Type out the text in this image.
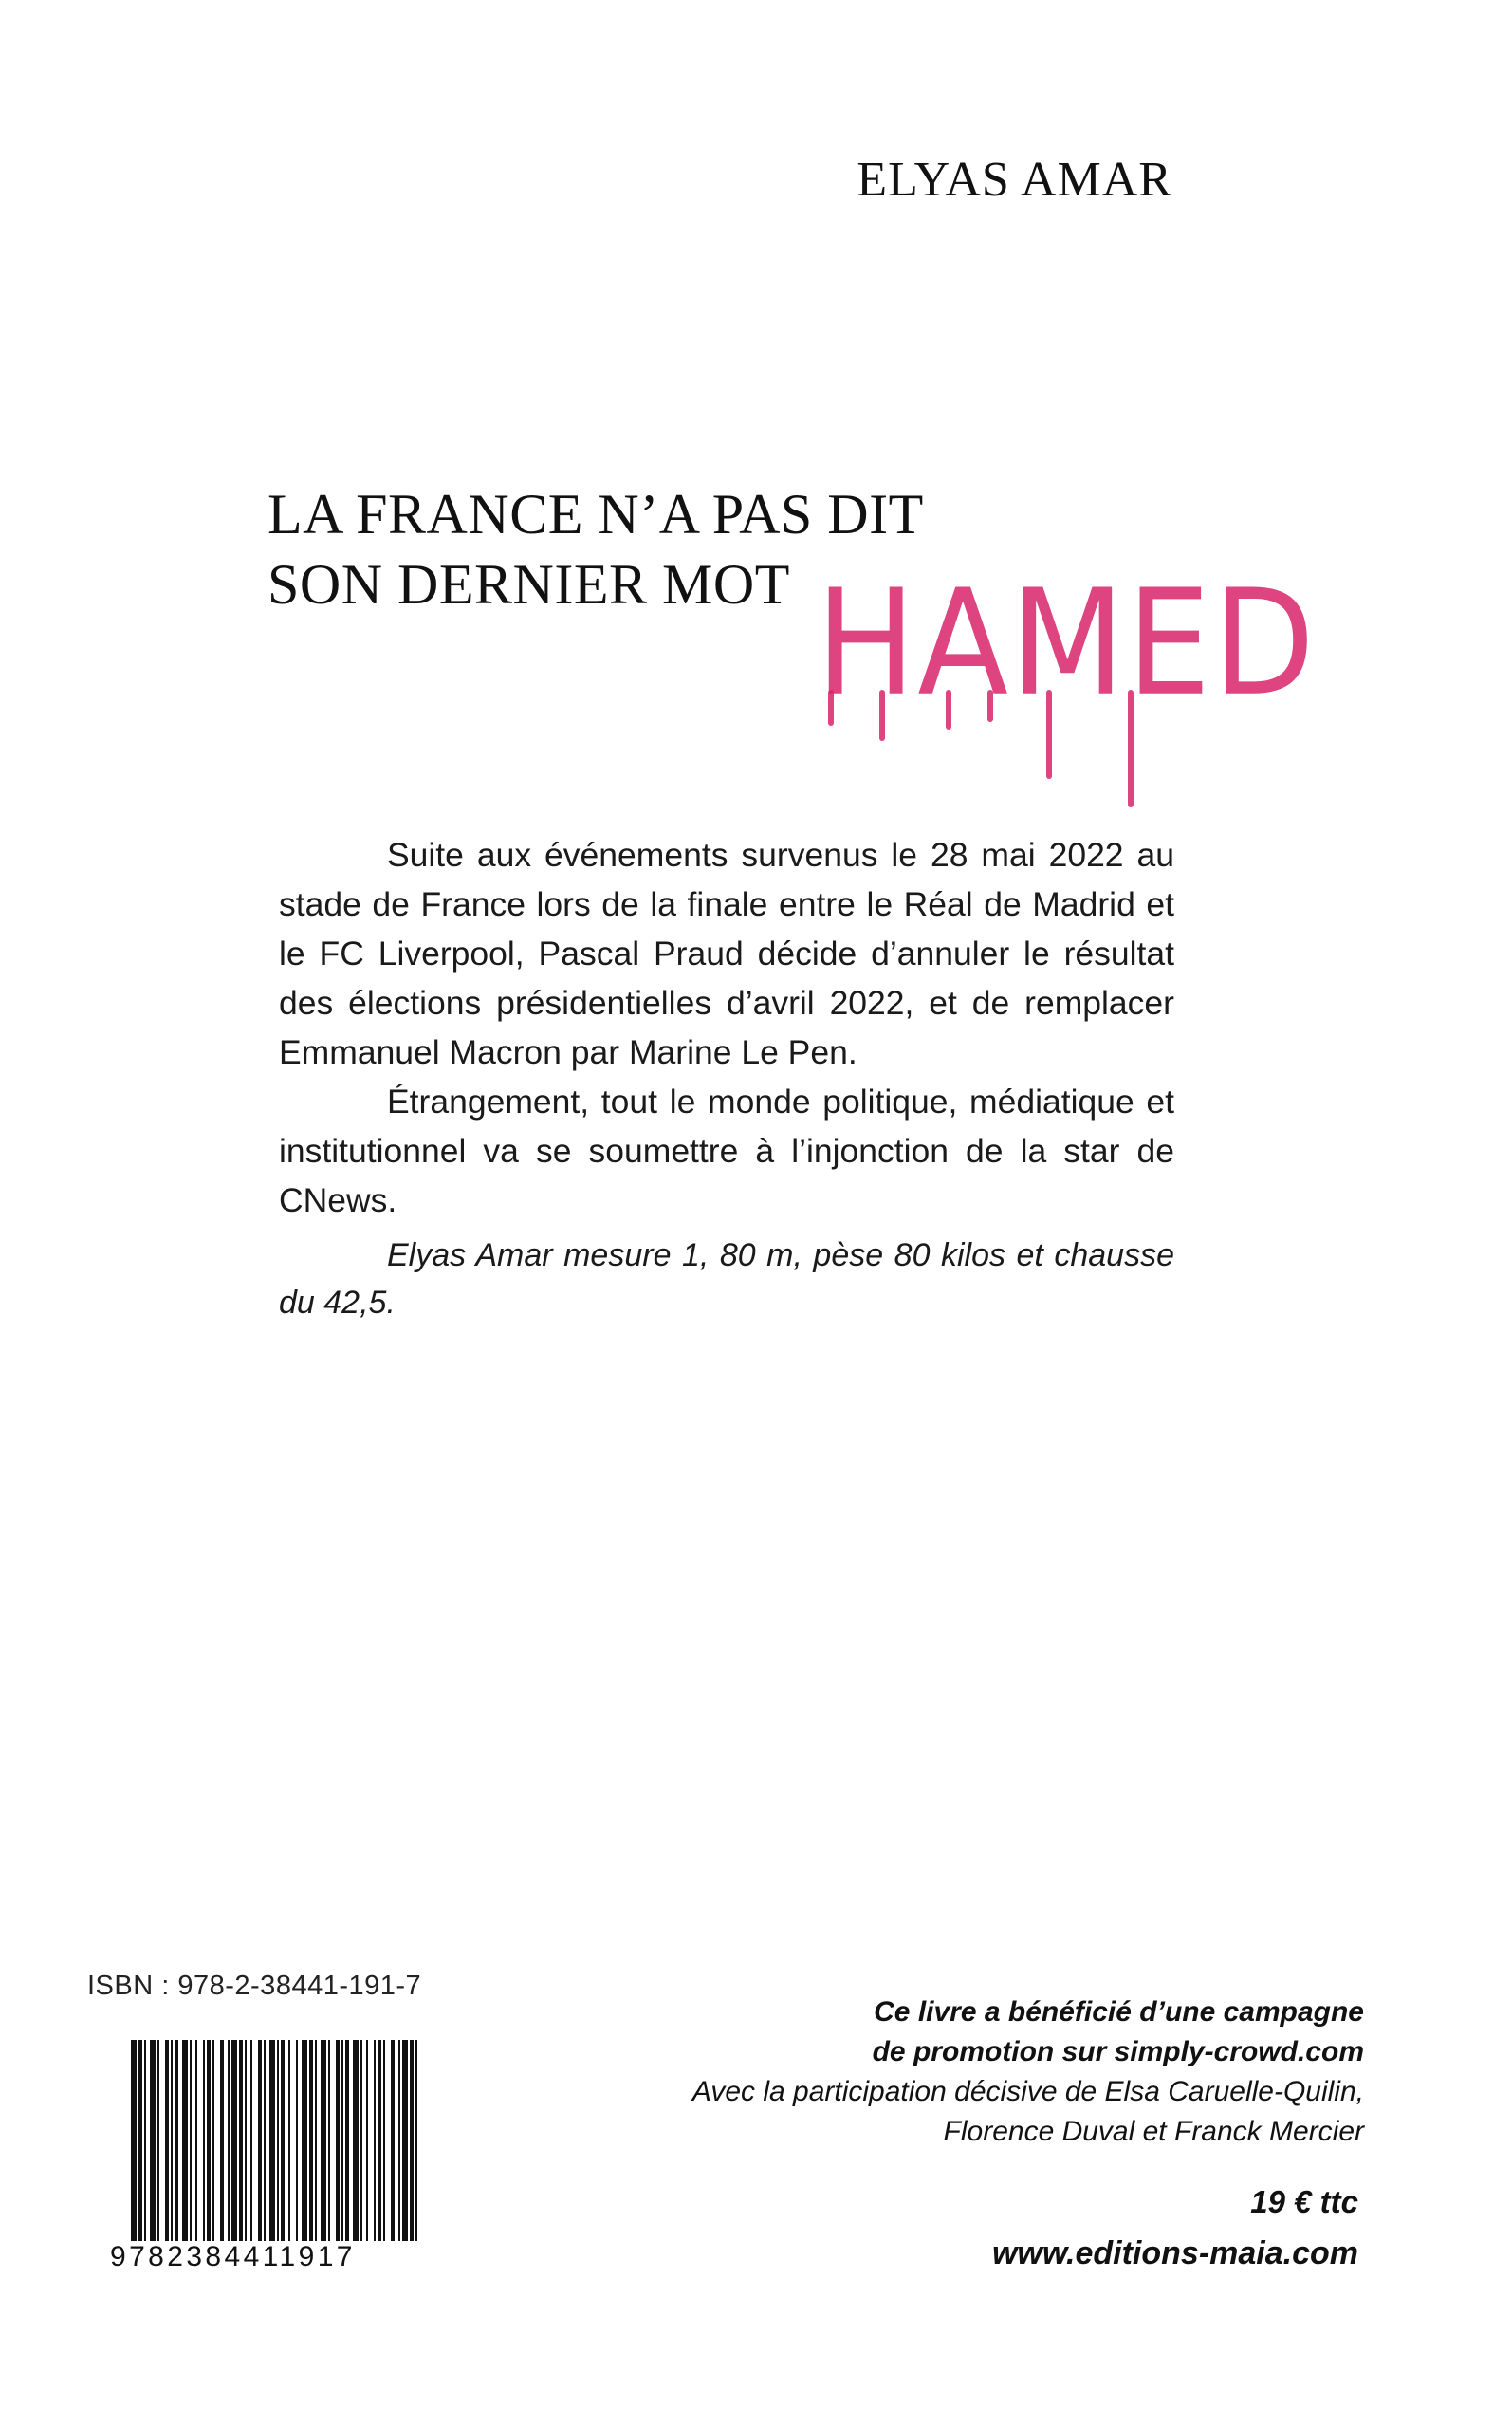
ELYAS AMAR
LA FRANCE N’A PAS DIT
SON DERNIER MOT HAMED

Suite aux événements survenus le 28 mai 2022 au stade de France lors de la finale entre le Réal de Madrid et le FC Liverpool, Pascal Praud décide d’annuler le résultat des élections présidentielles d’avril 2022, et de remplacer Emmanuel Macron par Marine Le Pen.

Étrangement, tout le monde politique, médiatique et institutionnel va se soumettre à l’injonction de la star de CNews.

Elyas Amar mesure 1, 80 m, pèse 80 kilos et chausse du 42,5.

ISBN : 978-2-38441-191-7
9782384411917
Ce livre a bénéficié d’une campagne
de promotion sur simply-crowd.com
Avec la participation décisive de Elsa Caruelle-Quilin,
Florence Duval et Franck Mercier
19 € ttc
www.editions-maia.com
